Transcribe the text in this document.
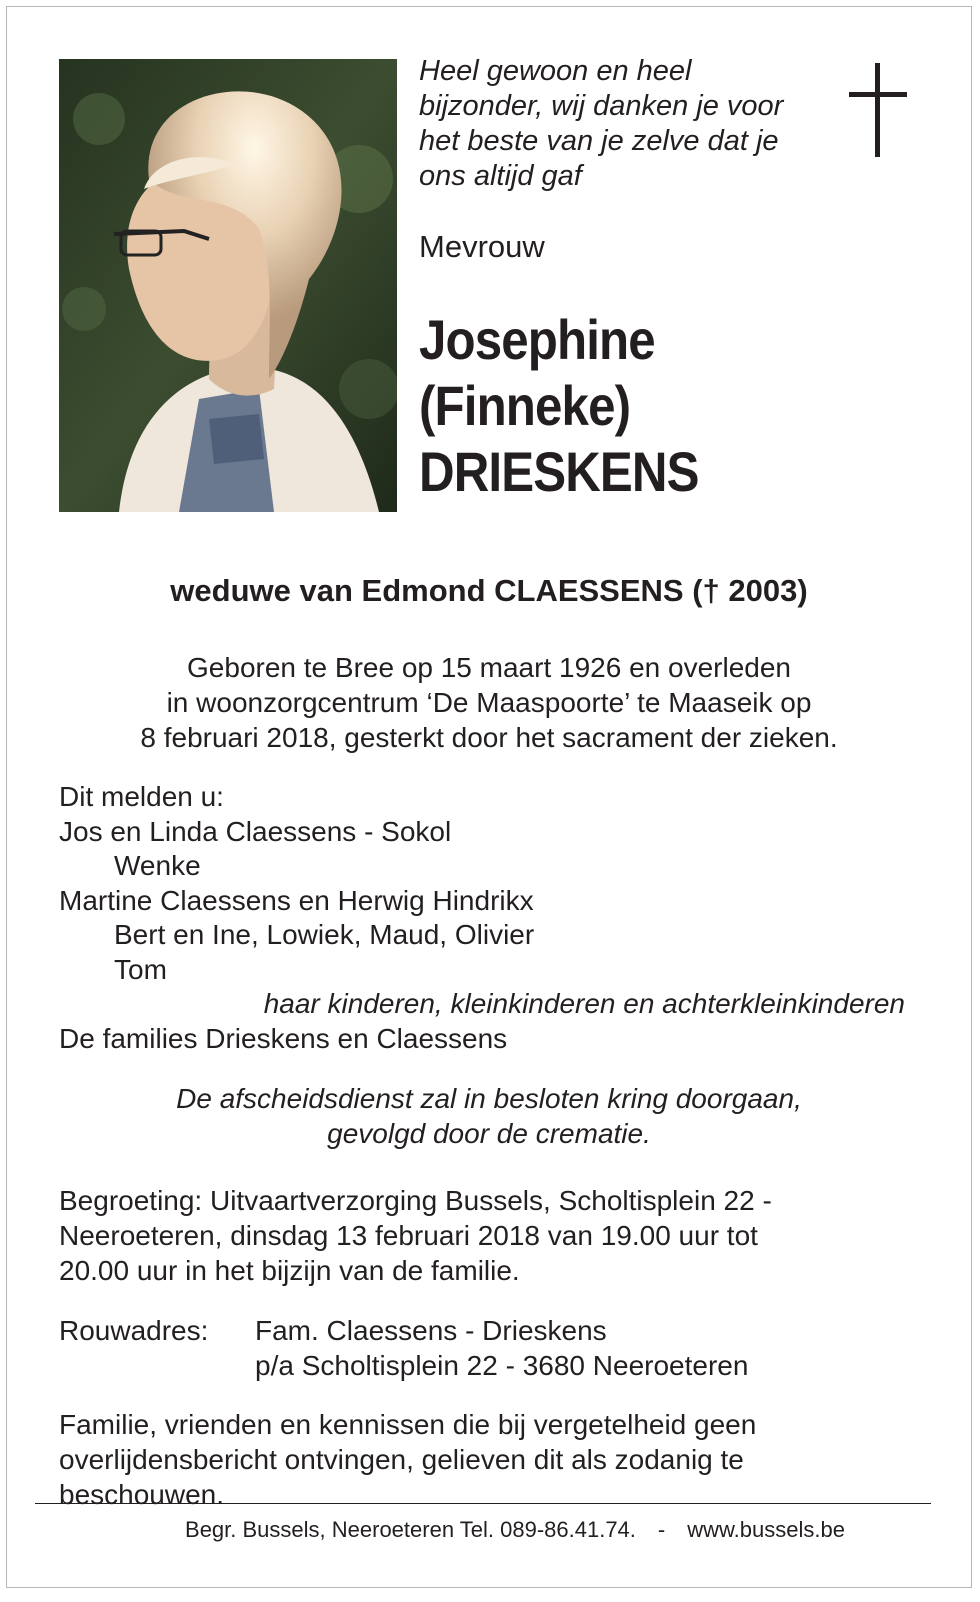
Heel gewoon en heel
bijzonder, wij danken je voor
het beste van je zelve dat je
ons altijd gaf

Mevrouw

Josephine
(Finneke)
DRIESKENS

weduwe van Edmond CLAESSENS († 2003)

Geboren te Bree op 15 maart 1926 en overleden
in woonzorgcentrum ‘De Maaspoorte’ te Maaseik op
8 februari 2018, gesterkt door het sacrament der zieken.

Dit melden u:
Jos en Linda Claessens - Sokol
Wenke
Martine Claessens en Herwig Hindrikx
Bert en Ine, Lowiek, Maud, Olivier
Tom
haar kinderen, kleinkinderen en achterkleinkinderen
De families Drieskens en Claessens

De afscheidsdienst zal in besloten kring doorgaan,
gevolgd door de crematie.

Begroeting: Uitvaartverzorging Bussels, Scholtisplein 22 -
Neeroeteren, dinsdag 13 februari 2018 van 19.00 uur tot
20.00 uur in het bijzijn van de familie.

Rouwadres: Fam. Claessens - Drieskens
p/a Scholtisplein 22 - 3680 Neeroeteren

Familie, vrienden en kennissen die bij vergetelheid geen
overlijdensbericht ontvingen, gelieven dit als zodanig te
beschouwen.

Begr. Bussels, Neeroeteren Tel. 089-86.41.74. - www.bussels.be
